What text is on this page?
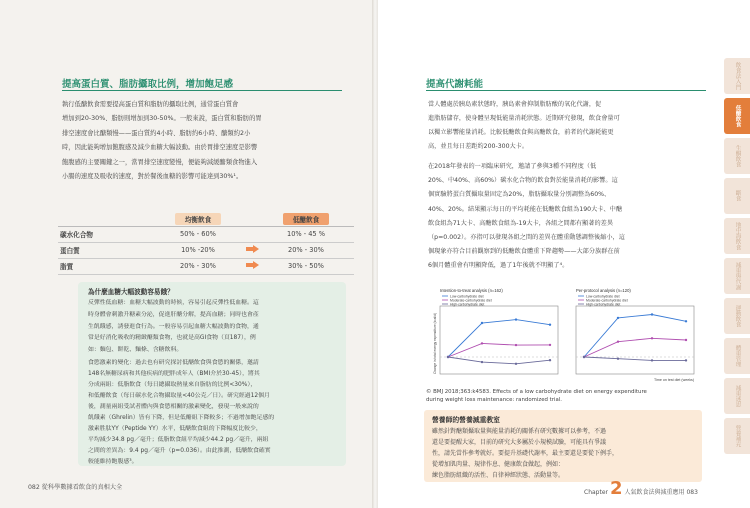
提高蛋白質、脂肪攝取比例，增加飽足感
執行低醣飲食需要提高蛋白質和脂肪的攝取比例，通常蛋白質會
增加到20-30%、脂肪則增加到30-50%。一般來說，蛋白質和脂肪的胃
排空速度會比醣類慢——蛋白質約4小時、脂肪約6小時、醣類約2小
時，因此能夠增加飽腹感及減少血糖大幅波動。由於胃排空速度是影響
飽腹感的主要關鍵之一，當胃排空速度變慢，便能夠減緩醣類食物進入
小腸的速度及吸收的速度，對於餐後血糖的影響可能達到30%¹。
	均衡飲食		低醣飲食
碳水化合物	50% - 60%		10% - 45 %
蛋白質	10% -20%		20% - 30%
脂質	20% - 30%		30% - 50%
反彈性低血糖：血糖大幅波動的時候，容易引起反彈性低血糖。這
時身體會刺激升糖素分泌，促進肝醣分解，提高血糖；同時也會產
生飢餓感，誘發進食行為。一般容易引起血糖大幅波動的食物，通
常是好消化吸收的精緻醣類食物，也就是高GI食物（頁187），例
如：麵包、餅乾、麵條、含糖飲料。
食慾激素的變化：過去也有研究探討低醣飲食與食慾的關係，邀請
148名無糖尿病和其他疾病的肥胖成年人（BMI介於30-45），將其
分成兩組：低脂飲食（每日總攝取熱量來自脂肪的比例<30%），
和低醣飲食（每日碳水化合物攝取量<40公克／日）。研究經過12個月
後，測量兩組受試者體內與食慾相關的激素變化，發現一般來說的
飢餓素（Ghrelin）皆有下降，但是低醣組下降較多；不過增加飽足感的
激素胜肽YY（Peptide YY）水平，低醣飲食組的下降幅度比較少，
平均減少34.8 pg／毫升；低脂飲食組平均減少44.2 pg／毫升，兩組
之間的差異為：9.4 pg／毫升（p=0.036）。由此推測，低醣飲食確實
較能維持飽腹感³。
為什麼血糖大幅波動容易餓？
082 從科學數據看飲食的真相大全
提高代謝耗能
當人體處於胰島素狀態時，胰島素會抑制脂肪酸的氧化代謝，促
進脂肪儲存，使身體呈現低能量消耗狀態。近期研究發現，飲食會量可
以獨立影響能量消耗。比較低醣飲食與高醣飲食，前者的代謝耗能更
高，並且每日差距約200-300大卡。
在2018年發表的一項臨床研究，邀請了參與3種不同程度（低
20%、中40%、高60%）碳水化合物的飲食對於能量消耗的影響。這
個實驗將蛋白質攝取量固定為20%，脂肪攝取量分別調整為60%、
40%、20%。結果顯示每日的平均耗能在低醣飲食組為190大卡、中醣
飲食組為71大卡、高醣飲食組為-19大卡，各組之間都有顯著的差異
（p=0.002）。亦指可以發現各組之間的差異在體重動態調整後縮小，這
個現象亦符合目前觀察到的低醣飲食體重下降趨勢——大部分族群在前
6個月體重會有明顯降低，過了1年後就不明顯了⁴。
Intention-to-treat analysis (n=162)
Low-carbohydrate diet
Moderate-carbohydrate diet
High-carbohydrate diet
Change in total energy expenditure (kcal/d)
Per-protocol analysis (n=120)
Low-carbohydrate diet
Moderate-carbohydrate diet
High-carbohydrate diet
Time on test diet (weeks)
© BMJ 2018;363:k4583. Effects of a low carbohydrate diet on energy expenditure
during weight loss maintenance: randomized trial.
雖然針對醣類攝取量與能量消耗的關係有研究數據可以參考，不過
還是要提醒大家，目前的研究大多屬於小規模試驗，可能具有爭議
性，請先當作參考就好。要提升基礎代謝率，最主要還是要從下例手，
從增加肌肉量、規律作息、健康飲食做起，例如：
練色脂肪組織的活性、自律神經狀態、活動量等。
營養師的營養減重教室
Chapter 2 人氣飲食法與減重應用 083
飲食法入門
低醣飲食
生酮飲食
斷食
地中海飲食
減重與代謝
運動飲食
體重管理
減重迷思
營養補充
